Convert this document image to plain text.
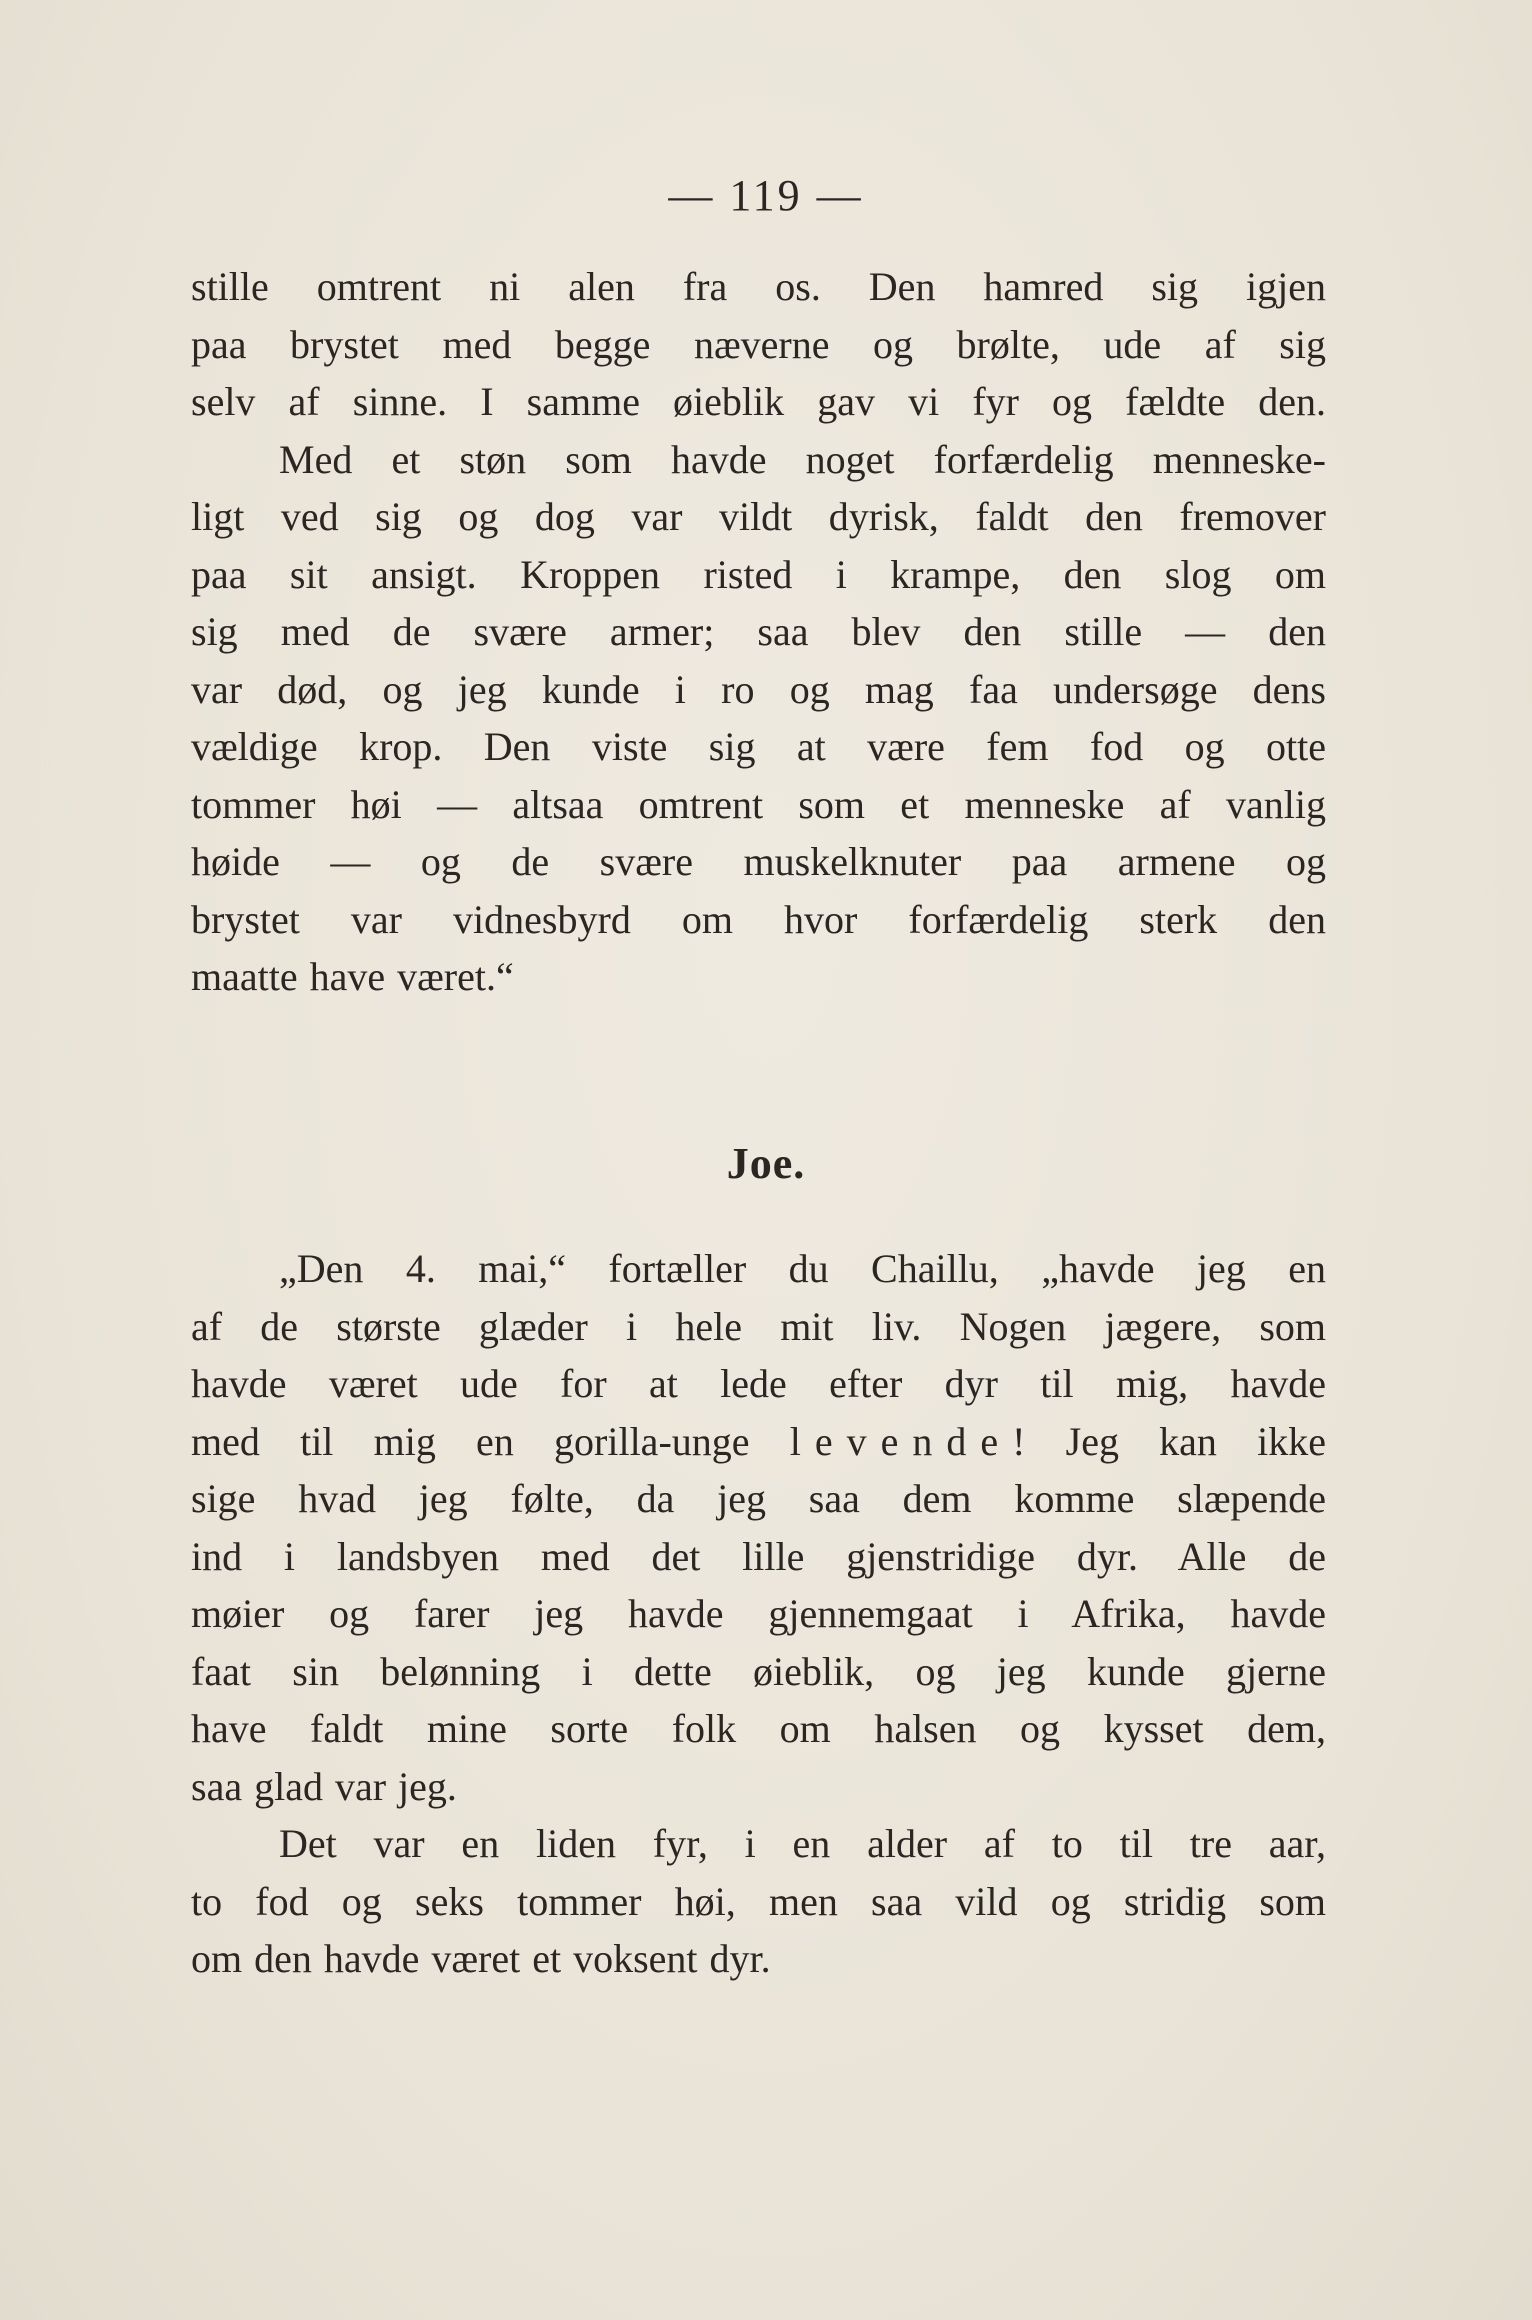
— 119 —
stille omtrent ni alen fra os. Den hamred sig igjen
paa brystet med begge næverne og brølte, ude af sig
selv af sinne. I samme øieblik gav vi fyr og fældte den.
Med et støn som havde noget forfærdelig menneske-
ligt ved sig og dog var vildt dyrisk, faldt den fremover
paa sit ansigt. Kroppen risted i krampe, den slog om
sig med de svære armer; saa blev den stille — den
var død, og jeg kunde i ro og mag faa undersøge dens
vældige krop. Den viste sig at være fem fod og otte
tommer høi — altsaa omtrent som et menneske af vanlig
høide — og de svære muskelknuter paa armene og
brystet var vidnesbyrd om hvor forfærdelig sterk den
maatte have været.“
Joe.
„Den 4. mai,“ fortæller du Chaillu, „havde jeg en
af de største glæder i hele mit liv. Nogen jægere, som
havde været ude for at lede efter dyr til mig, havde
med til mig en gorilla-unge levende! Jeg kan ikke
sige hvad jeg følte, da jeg saa dem komme slæpende
ind i landsbyen med det lille gjenstridige dyr. Alle de
møier og farer jeg havde gjennemgaat i Afrika, havde
faat sin belønning i dette øieblik, og jeg kunde gjerne
have faldt mine sorte folk om halsen og kysset dem,
saa glad var jeg.
Det var en liden fyr, i en alder af to til tre aar,
to fod og seks tommer høi, men saa vild og stridig som
om den havde været et voksent dyr.
